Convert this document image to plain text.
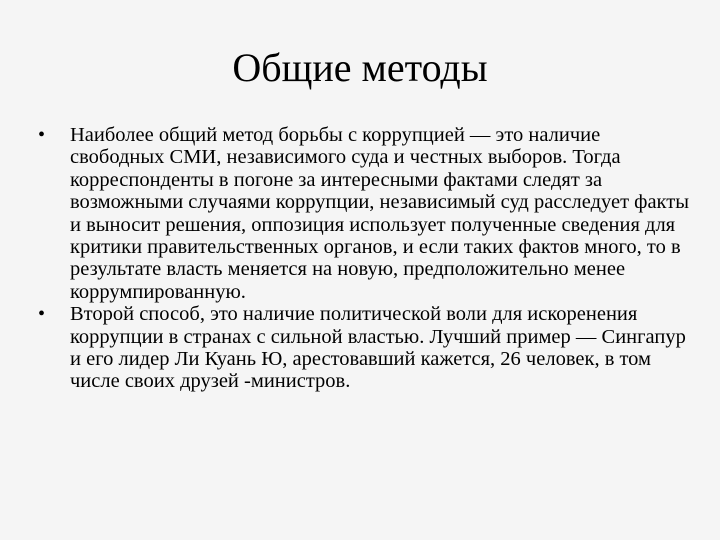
Общие методы
•	Наиболее общий метод борьбы с коррупцией — это наличие свободных СМИ, независимого суда и честных выборов. Тогда корреспонденты в погоне за интересными фактами следят за возможными случаями коррупции, независимый суд расследует факты и выносит решения, оппозиция использует полученные сведения для критики правительственных органов, и если таких фактов много, то в результате власть меняется на новую, предположительно менее коррумпированную.
•	Второй способ, это наличие политической воли для искоренения коррупции в странах с сильной властью. Лучший пример — Сингапур и его лидер Ли Куань Ю, арестовавший кажется, 26 человек, в том числе своих друзей -министров.
